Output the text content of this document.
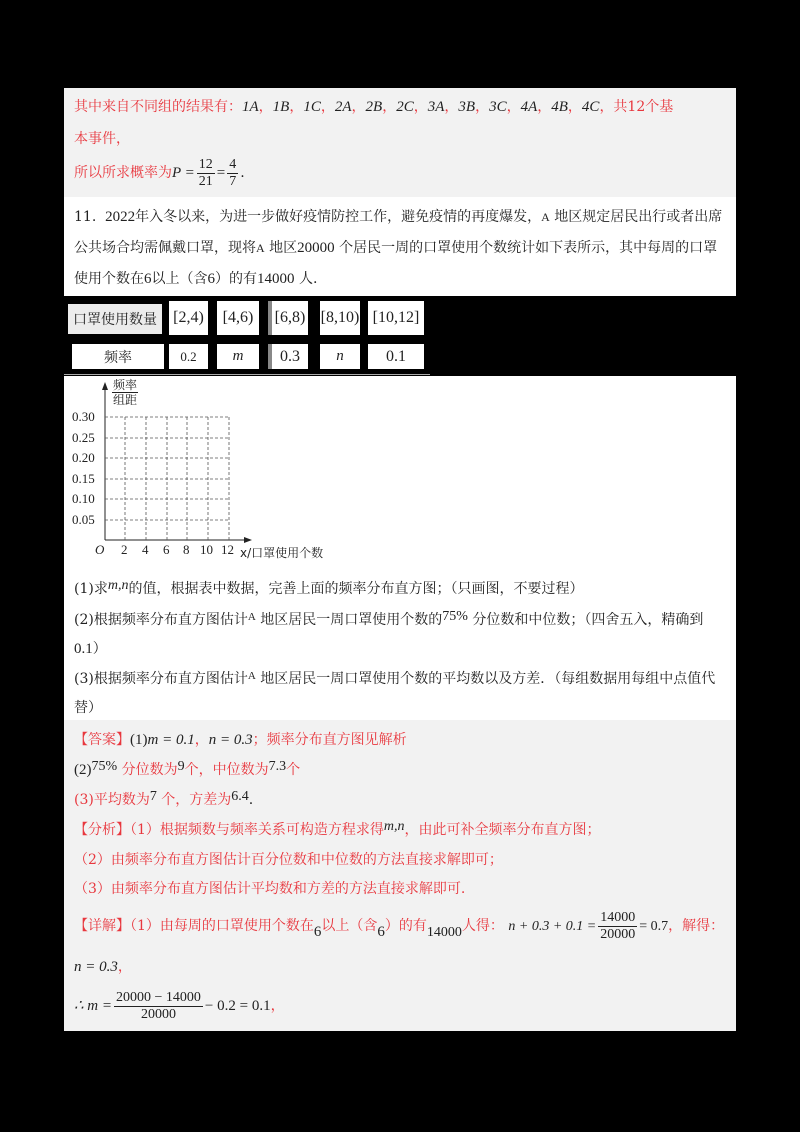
其中来自不同组的结果有：1A，1B，1C，2A，2B，2C，3A，3B，3C，4A，4B，4C，共12个基
本事件，
所以所求概率为$P = \frac{12}{21} = \frac{4}{7}$ .
11. 2022年入冬以来，为进一步做好疫情防控工作，避免疫情的再度爆发，A 地区规定居民出行或者出席
公共场合均需佩戴口罩，现将A 地区20000 个居民一周的口罩使用个数统计如下表所示，其中每周的口罩
使用个数在6以上（含6）的有14000 人.
口罩使用数量	[2,4)	[4,6)	[6,8) [8,10) [10,12]
频率	0.2	m	0.3	n	0.1
频率
组距
0.30
0.25
0.20
0.15
0.10
0.05
O 2 4 6 8 10 12 x/口罩使用个数
(1)求m,n的值，根据表中数据，完善上面的频率分布直方图；（只画图，不要过程）
(2)根据频率分布直方图估计$^A$ 地区居民一周口罩使用个数的75% 分位数和中位数；（四舍五入，精确到
0.1）
(3)根据频率分布直方图估计$^A$ 地区居民一周口罩使用个数的平均数以及方差．（每组数据用每组中点值代
替）
【答案】(1)m = 0.1，n = 0.3；频率分布直方图见解析
(2)75% 分位数为9个，中位数为7.3个
(3)平均数为7 个，方差为6.4.
【分析】（1）根据频数与频率关系可构造方程求得m,n，由此可补全频率分布直方图；
（2）由频率分布直方图估计百分位数和中位数的方法直接求解即可；
（3）由频率分布直方图估计平均数和方差的方法直接求解即可.
【详解】（1）由每周的口罩使用个数在6以上（含6）的有14000人得： $n + 0.3 + 0.1 = \frac{14000}{20000} = 0.7$，解得：
n = 0.3，
∴ $m = \frac{20000 - 14000}{20000} - 0.2 = 0.1$，
